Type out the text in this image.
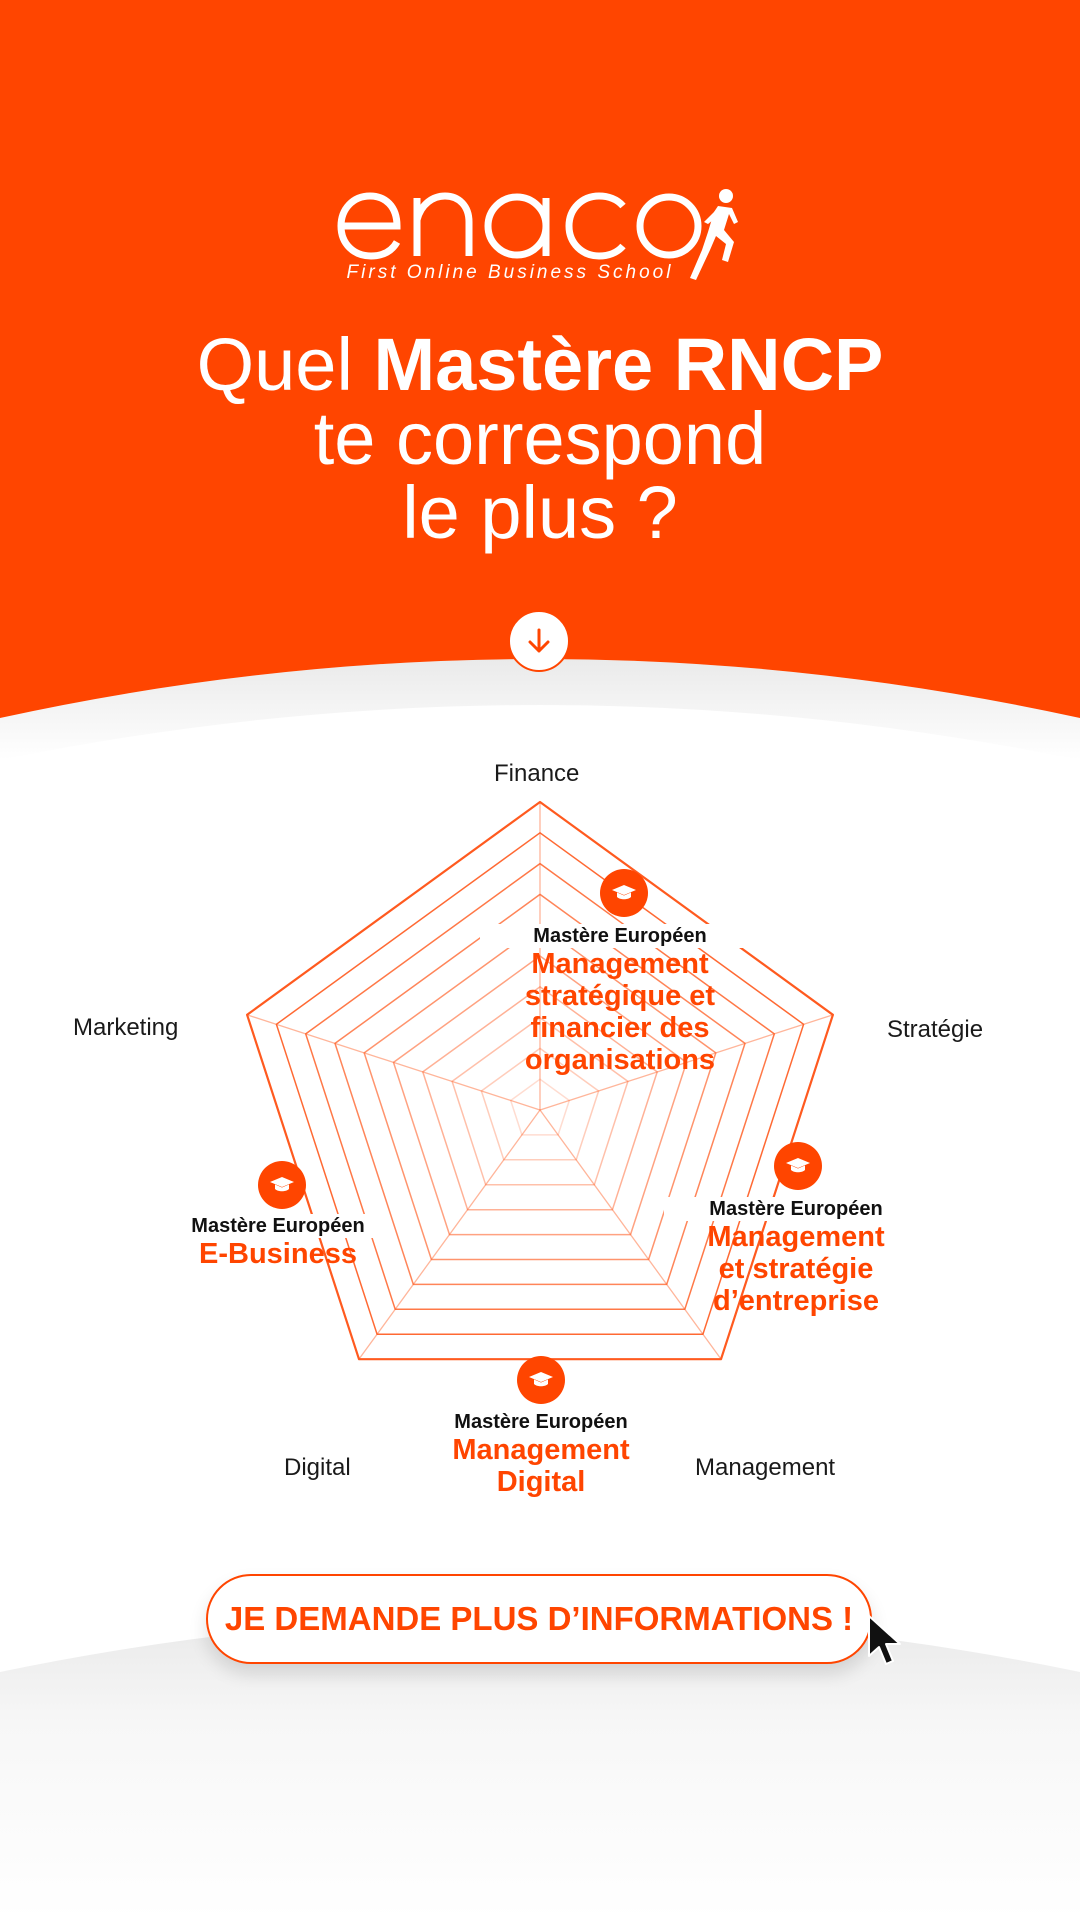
First Online Business School
Quel Mastère RNCP
te correspond
le plus ?
Finance
Stratégie
Management
Digital
Marketing
Mastère Européen
Management
stratégique et
financier des
organisations
Mastère Européen
Management
et stratégie
d’entreprise
Mastère Européen
Management
Digital
Mastère Européen
E-Business
JE DEMANDE PLUS D’INFORMATIONS !
